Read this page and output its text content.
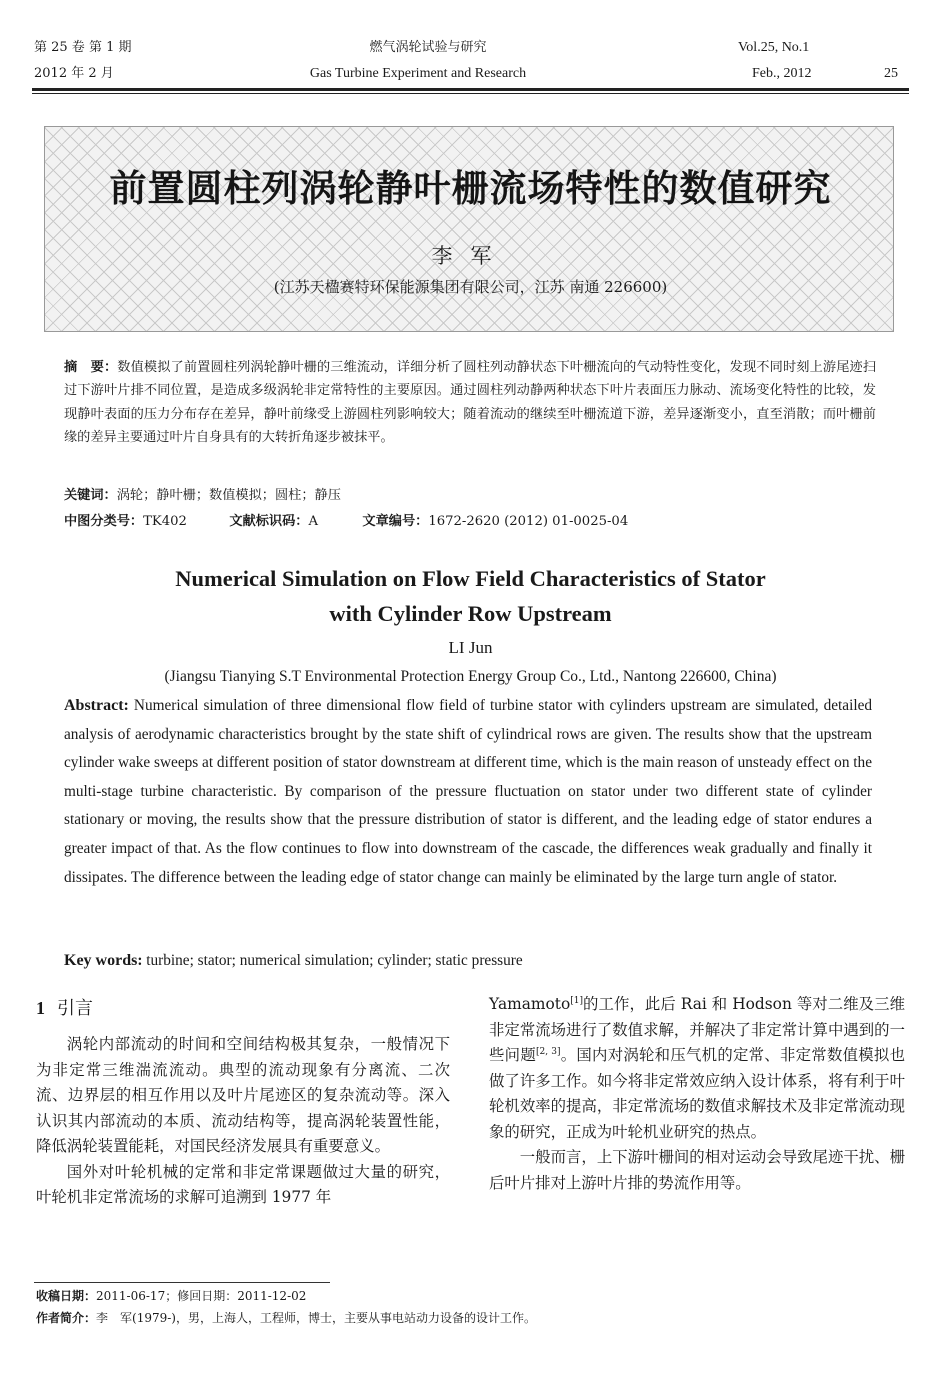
第 25 卷 第 1 期
2012 年 2 月
燃气涡轮试验与研究
Gas Turbine Experiment and Research
Vol.25, No.1
Feb., 2012	25
前置圆柱列涡轮静叶栅流场特性的数值研究
李军
(江苏天楹赛特环保能源集团有限公司，江苏 南通 226600)
摘　要：数值模拟了前置圆柱列涡轮静叶栅的三维流动，详细分析了圆柱列动静状态下叶栅流向的气动特性变化，发现不同时刻上游尾迹扫过下游叶片排不同位置，是造成多级涡轮非定常特性的主要原因。通过圆柱列动静两种状态下叶片表面压力脉动、流场变化特性的比较，发现静叶表面的压力分布存在差异，静叶前缘受上游圆柱列影响较大；随着流动的继续至叶栅流道下游，差异逐渐变小，直至消散；而叶栅前缘的差异主要通过叶片自身具有的大转折角逐步被抹平。
关键词：涡轮；静叶栅；数值模拟；圆柱；静压
中图分类号：TK402	文献标识码：A	文章编号：1672-2620 (2012) 01-0025-04
Numerical Simulation on Flow Field Characteristics of Stator
with Cylinder Row Upstream
LI Jun
(Jiangsu Tianying S.T Environmental Protection Energy Group Co., Ltd., Nantong 226600, China)
Abstract: Numerical simulation of three dimensional flow field of turbine stator with cylinders upstream are simulated, detailed analysis of aerodynamic characteristics brought by the state shift of cylindrical rows are given. The results show that the upstream cylinder wake sweeps at different position of stator downstream at different time, which is the main reason of unsteady effect on the multi-stage turbine characteristic. By comparison of the pressure fluctuation on stator under two different state of cylinder stationary or moving, the results show that the pressure distribution of stator is different, and the leading edge of stator endures a greater impact of that. As the flow continues to flow into downstream of the cascade, the differences weak gradually and finally it dissipates. The difference between the leading edge of stator change can mainly be eliminated by the large turn angle of stator.
Key words: turbine; stator; numerical simulation; cylinder; static pressure
1 引言

涡轮内部流动的时间和空间结构极其复杂，一般情况下为非定常三维湍流流动。典型的流动现象有分离流、二次流、边界层的相互作用以及叶片尾迹区的复杂流动等。深入认识其内部流动的本质、流动结构等，提高涡轮装置性能，降低涡轮装置能耗，对国民经济发展具有重要意义。

国外对叶轮机械的定常和非定常课题做过大量的研究，叶轮机非定常流场的求解可追溯到 1977 年

Yamamoto[1]的工作，此后 Rai 和 Hodson 等对二维及三维非定常流场进行了数值求解，并解决了非定常计算中遇到的一些问题[2, 3]。国内对涡轮和压气机的定常、非定常数值模拟也做了许多工作。如今将非定常效应纳入设计体系，将有利于叶轮机效率的提高，非定常流场的数值求解技术及非定常流动现象的研究，正成为叶轮机业研究的热点。

一般而言，上下游叶栅间的相对运动会导致尾迹干扰、栅后叶片排对上游叶片排的势流作用等。

收稿日期：2011-06-17；修回日期：2011-12-02
作者简介：李　军(1979-)，男，上海人，工程师，博士，主要从事电站动力设备的设计工作。
